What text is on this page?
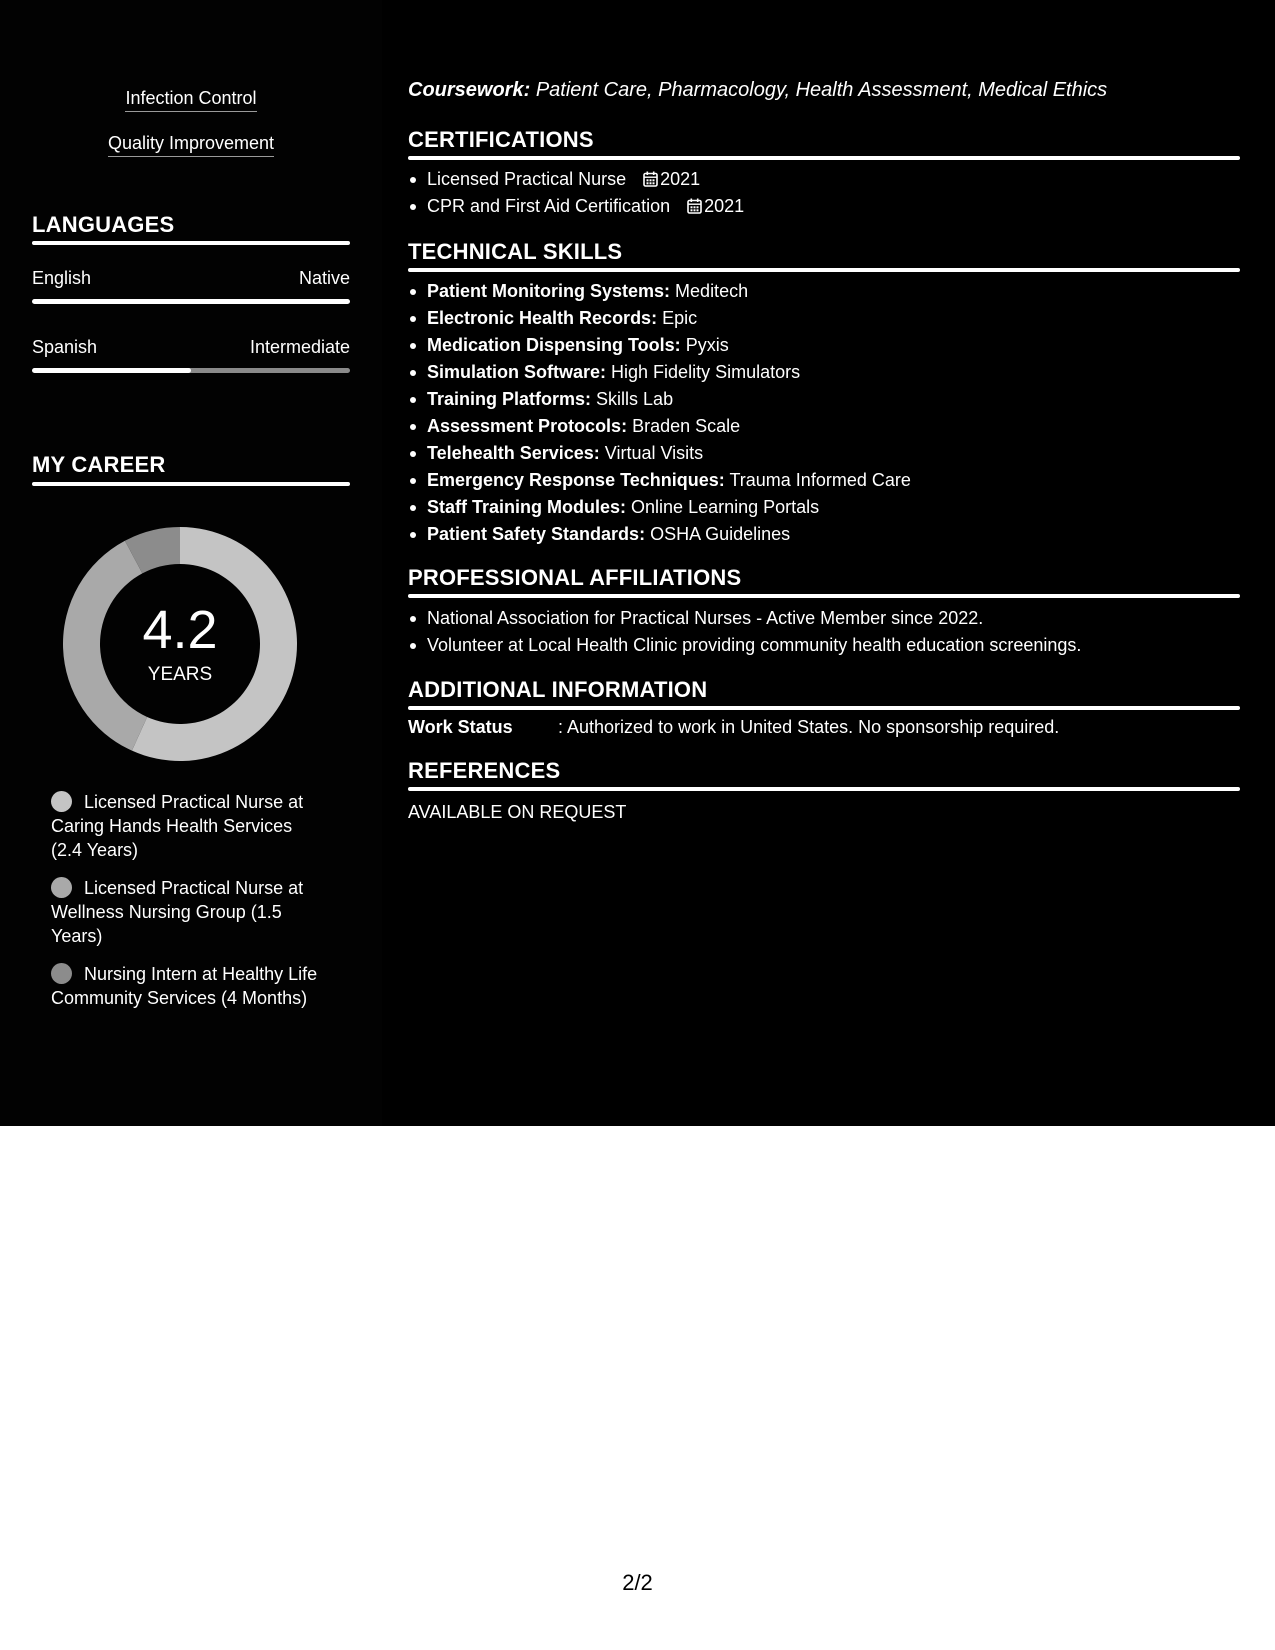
Infection Control
Quality Improvement
LANGUAGES
English	Native
Spanish	Intermediate
MY CAREER
4.2
YEARS
Licensed Practical Nurse at Caring Hands Health Services (2.4 Years)
Licensed Practical Nurse at Wellness Nursing Group (1.5 Years)
Nursing Intern at Healthy Life Community Services (4 Months)
Coursework: Patient Care, Pharmacology, Health Assessment, Medical Ethics
CERTIFICATIONS
Licensed Practical Nurse 2021
CPR and First Aid Certification 2021
TECHNICAL SKILLS
Patient Monitoring Systems: Meditech
Electronic Health Records: Epic
Medication Dispensing Tools: Pyxis
Simulation Software: High Fidelity Simulators
Training Platforms: Skills Lab
Assessment Protocols: Braden Scale
Telehealth Services: Virtual Visits
Emergency Response Techniques: Trauma Informed Care
Staff Training Modules: Online Learning Portals
Patient Safety Standards: OSHA Guidelines
PROFESSIONAL AFFILIATIONS
National Association for Practical Nurses - Active Member since 2022.
Volunteer at Local Health Clinic providing community health education screenings.
ADDITIONAL INFORMATION
Work Status	: Authorized to work in United States. No sponsorship required.
REFERENCES
AVAILABLE ON REQUEST
2/2
